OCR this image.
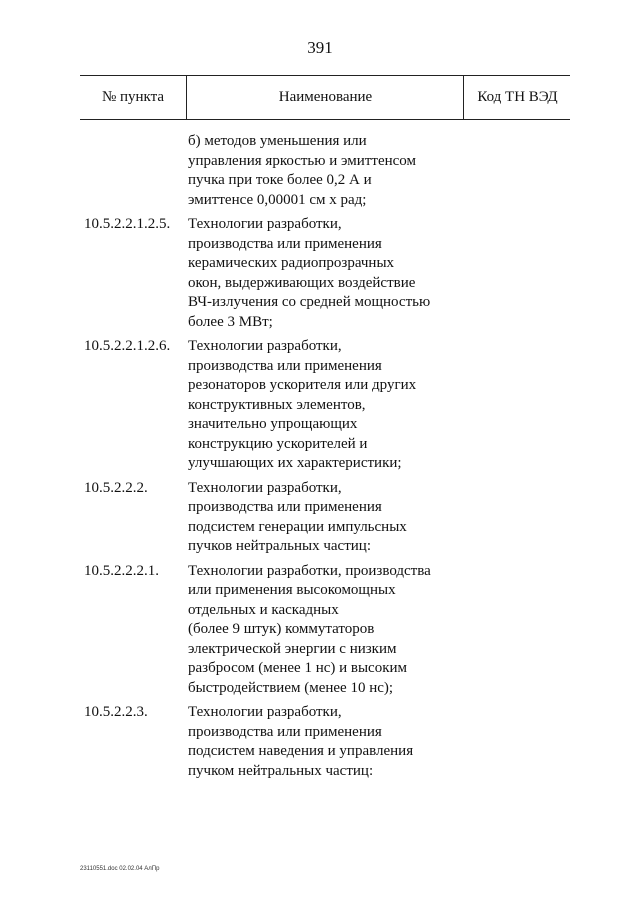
391
№ пункта	Наименование	Код ТН ВЭД
б) методов уменьшения или
управления яркостью и эмиттенсом
пучка при токе более 0,2 А и
эмиттенсе 0,00001 см х рад;
10.5.2.2.1.2.5. Технологии разработки,
производства или применения
керамических радиопрозрачных
окон, выдерживающих воздействие
ВЧ-излучения со средней мощностью
более 3 МВт;
10.5.2.2.1.2.6. Технологии разработки,
производства или применения
резонаторов ускорителя или других
конструктивных элементов,
значительно упрощающих
конструкцию ускорителей и
улучшающих их характеристики;
10.5.2.2.2.	Технологии разработки,
производства или применения
подсистем генерации импульсных
пучков нейтральных частиц:
10.5.2.2.2.1. Технологии разработки, производства
или применения высокомощных
отдельных и каскадных
(более 9 штук) коммутаторов
электрической энергии с низким
разбросом (менее 1 нс) и высоким
быстродействием (менее 10 нс);
10.5.2.2.3.	Технологии разработки,
производства или применения
подсистем наведения и управления
пучком нейтральных частиц:
23110551.doc 02.02.04 АлПр
